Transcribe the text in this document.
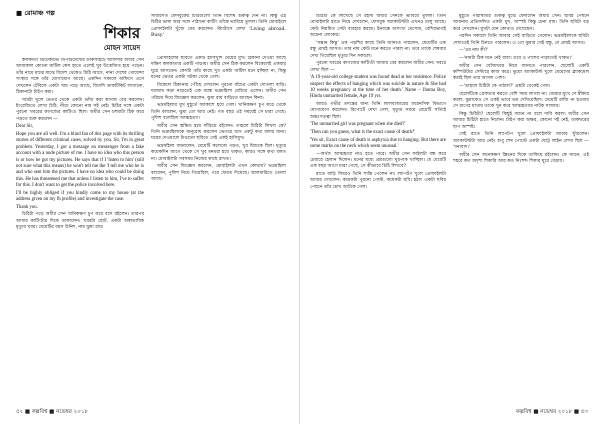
■ রোমাঞ্চ গল্প
শিকার
মোহন সায়েদ

কলকাতা ডিটেকটিভ ডিপার্টমেন্টের ডাকসাইটে অফিসার অধীর সেন আজকাল কোনো জটিল কেস হাতে এলেই খুব উত্তেজিত হয়ে পড়েন। তাঁর নামে মাঝে মাঝে বিদেশ থেকেও চিঠি আসে, নানা দেশের গোয়েন্দা সংস্থার সঙ্গে তাঁর যোগাযোগ আছে। একদিন সকালে অফিসে এসে দেখলেন টেবিলে একটা খাম পড়ে আছে, বিদেশি ডাকটিকিট লাগানো, ঠিকানাটা টাইপ করা।

খামটা খুলে ভেতর থেকে একটা ভাঁজ করা কাগজ বের করলেন। ইংরেজিতে লেখা চিঠি, নীচে কোনো নাম সই নেই। চিঠির সঙ্গে একটা পুরনো খবরের কাগজের কাটিংও ছিল। অধীর সেন চশমাটা ঠিক করে পড়তে শুরু করলেন —

Dear Sir,

Hope you are all well. I'm a blind fan of this page with its thrilling stories of different criminal cases, solved by you. Sir, I'm in great problem. Yesterday, I got a message on messenger from a fake account with a nude picture of me. I have no idea who this person is or how he got my pictures. He says that if I 'listen to him' (still not sure what this means) he won't tell me the 'I tell me who he is and who sent him the pictures. I have no idea who could be doing this. He has threatened me that unless I listen to him, I've to suffer for this. I don't want to get the police involved here.

I'll be highly obliged if you kindly come to my house (at the address given on my fb profile) and investigate the case.

Thank you.

চিঠিটা পড়ে অধীর সেন খানিকক্ষণ চুপ করে বসে রইলেন। তারপর আবার কাটিংটার দিকে তাকালেন। খবরটা ছোট, একটা অস্বাভাবিক মৃত্যুর খবর। মেয়েটির বয়স উনিশ, নাম ঝুমা রায়।

সাধারণত ফেসবুকের চিঠিগুলো তিনি বিশেষ গুরুত্ব দেন না। কিন্তু এই চিঠির ভাষা আর সঙ্গে পাঠানো কাটিং তাঁকে ভাবিয়ে তুলল। তিনি মোবাইলে প্রোফাইলটা খুঁজে বের করলেন। স্ট্যাটাসে লেখা 'Living abroad. Busy.'

প্রোফাইলের ছবিতে একটি হাসিখুশি মেয়ের মুখ। ঠিকানা দেওয়া আছে দক্ষিণ কলকাতার একটি পাড়ায়। অধীর সেন ঠিক করলেন বিকেলেই একবার ঘুরে আসবেন। কেসটা তাঁর কাছে খুব একটা জটিল মনে হচ্ছিল না, কিন্তু মনের ভেতর একটা খটকা থেকে গেল।

বিকেলে ঠিকানায় পৌঁছে দেখলেন পুরনো ধাঁচের একটা দোতলা বাড়ি। দরজায় কড়া নাড়তেই এক বয়স্ক ভদ্রমহিলা বেরিয়ে এলেন। অধীর সেন পরিচয় দিয়ে জিজ্ঞেস করলেন, ঝুমা রায় বাড়িতে আছেন কিনা।

ভদ্রমহিলার মুখ মুহূর্তে ফ্যাকাশে হয়ে গেল। খানিকক্ষণ চুপ করে থেকে তিনি বললেন, ঝুমা তো আর নেই। গত বছর এই সময়েই সে মারা গেছে। পুলিশ বলেছিল আত্মহত্যা।

অধীর সেন স্তম্ভিত হয়ে দাঁড়িয়ে রইলেন। তাহলে চিঠিটা লিখল কে? তিনি ভদ্রমহিলাকে অনুরোধ করলেন ভেতরে বসে একটু কথা বলার জন্য। ঘরের দেওয়ালে টাঙানো ছবিতে সেই একই হাসিমুখ।

ভদ্রমহিলা জানালেন, মেয়েটি কলেজে পড়ত, খুব মিশুকে ছিল। মৃত্যুর কয়েকদিন আগে থেকে সে খুব মনমরা হয়ে থাকত, কারও সঙ্গে কথা বলত না। মোবাইলটা সবসময় নিজের কাছে রাখত।

অধীর সেন জিজ্ঞেস করলেন, মোবাইলটা এখন কোথায়? ভদ্রমহিলা বললেন, পুলিশ নিয়ে গিয়েছিল, পরে ফেরত দিয়েছে। আলমারিতে তোলা আছে।

৫২ ■ কল্পবিশ্ব ■ নভেম্বর ২০১৮

চিঠিটি কে লিখেছে সে রহস্য অধীর সেনকে ভাবিয়ে তুলল। তিনি মোবাইলটা হাতে নিয়ে দেখলেন, ফেসবুক অ্যাকাউন্টটা এখনও চালু আছে। কেউ নিয়মিত সেটা ব্যবহার করছে। ইনবক্সে অসংখ্য মেসেজ, বেশিরভাগই অচেনা লোকের।

'সন্তান কিন্তু' এক পড়শির কাছে তিনি জানতে পারলেন, মেয়েটির এক বন্ধু প্রায়ই আসত। তার নাম কেউ মনে করতে পারল না। তবে তাকে শেষবার দেখা গিয়েছিল মৃত্যুর দিন সকালে।

পুরনো খবরের কাগজের কাটিংটা আবার বের করলেন অধীর সেন। খবরে লেখা ছিল —

'A 19-year-old college student was found dead at her residence. Police suspect the effects of hanging which was suicide in nature & She had 10 weeks pregnancy at the time of her death.' Name – Jhuma Roy, Hindu unmarried female, Age 19 yrs.

আরও গভীর তদন্তের জন্য তিনি লালবাজারের ফরেনসিক বিভাগে যোগাযোগ করলেন। রিপোর্টে দেখা গেল, মৃত্যুর সময়ে মেয়েটি সত্যিই অন্তঃসত্ত্বা ছিল।

'The unmarried girl was pregnant when she died?'

'Then can you guess, what is the exact cause of death?'

'Yes sir, Exact cause of death is asphyxia due to hanging. But there are some marks on the neck which seem unusual.'

—অর্থাৎ আত্মহত্যা নাও হতে পারে। অধীর সেন ফাইলটা বন্ধ করে চেয়ারে হেলান দিলেন। মনের মধ্যে প্রশ্নগুলো ঘুরপাক খাচ্ছিল। যে মেয়েটি এক বছর আগে মারা গেছে, সে কীভাবে চিঠি লিখবে?

রাতে বাড়ি ফিরেও তিনি শান্তি পেলেন না। ল্যাপটপ খুলে প্রোফাইলটা আবার দেখলেন। কয়েকটা পুরনো পোস্ট, কয়েকটা ছবি। হঠাৎ একটা ছবির পেছনে তাঁর চোখ আটকে গেল।

মুহূর্তে পরিস্থিতির গুরুত্ব বুঝে ফেললেন অধীর সেন। ছবির পেছনে আয়নায় প্রতিফলিত একটা মুখ, অস্পষ্ট কিন্তু চেনা যায়। তিনি ছবিটা বড় করে দেখলেন। মুখটা যেন কোথাও দেখেছেন।

পরদিন সকালে তিনি আবার সেই বাড়িতে গেলেন। ভদ্রমহিলাকে ছবিটা দেখাতেই তিনি চিনতে পারলেন। এ তো ঝুমার সেই বন্ধু, যে প্রায়ই আসত।

—'ওর নাম কী?'

—'নামটা ঠিক মনে নেই বাবা। তবে ও পাশের পাড়াতেই থাকত।'

অধীর সেন খোঁজখবর নিয়ে জানতে পারলেন, ছেলেটি একটি কম্পিউটার সেন্টারে কাজ করে। ভুয়ো অ্যাকাউন্ট খুলে মেয়েদের ব্ল্যাকমেল করাই ছিল তার আসল পেশা।

—'তাহলে চিঠিটা কে পাঠাল?' প্রশ্নটা থেকেই গেল।

ছেলেটিকে গ্রেফতার করতে বেশি সময় লাগল না। জেরার মুখে সে স্বীকার করল, ঝুমাকেও সে একই ভাবে ভয় দেখিয়েছিল। মেয়েটি রাজি না হওয়ায় সে রাগের মাথায় তাকে খুন করে আত্মহত্যার নাটক সাজায়।

কিন্তু চিঠিটা? ছেলেটি কিছুই জানে না বলে দাবি করল। অধীর সেন আবার চিঠিটা হাতে নিলেন। টাইপ করা অক্ষর, কোনো সই নেই, ডাকঘরের ছাপ অস্পষ্ট।

সেই রাতে তিনি ল্যাপটপ খুলে প্রোফাইলটা আবার খুঁজলেন। অ্যাকাউন্টটা আর নেই। শুধু শেষ পোস্টে একটা ছোট্ট লাইন লেখা ছিল — 'ধন্যবাদ।'

অধীর সেন অনেকক্ষণ স্ক্রিনের দিকে তাকিয়ে রইলেন। কে জানে, এই শহরে কত অদৃশ্য শিকারি আর কত নিঃশব্দ শিকার ঘুরে বেড়ায়।

কল্পবিশ্ব ■ নভেম্বর ২০১৮ ■ ৫৩
